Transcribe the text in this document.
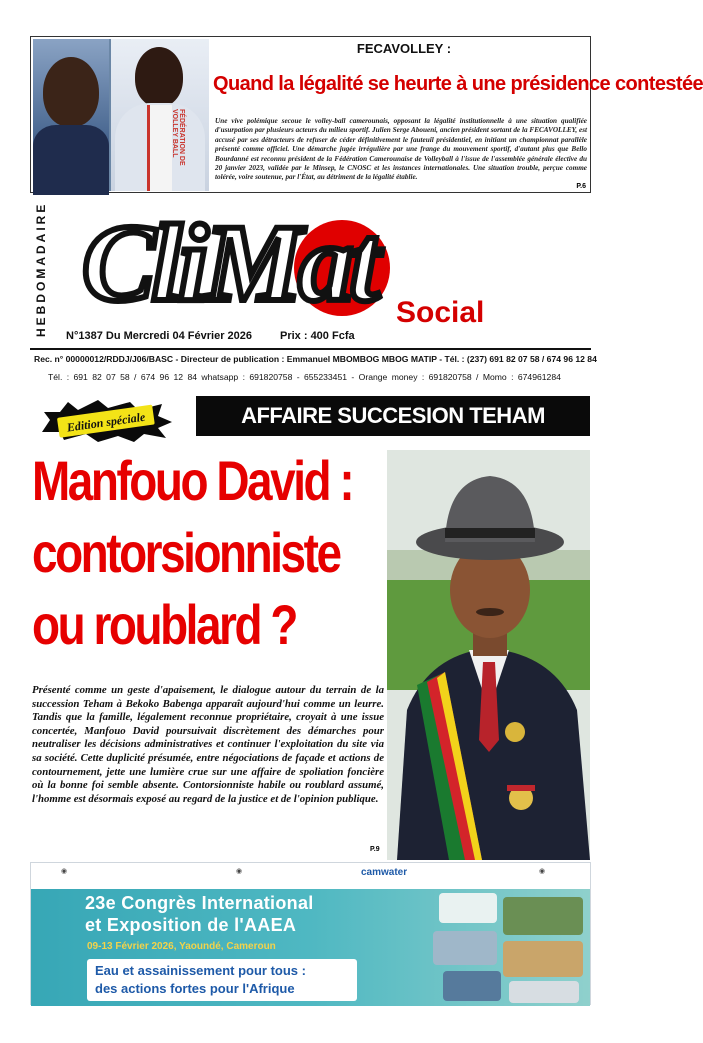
FÉDÉRATION DE VOLLEY BALL
FECAVOLLEY :
Quand la légalité se heurte à une présidence contestée
Une vive polémique secoue le volley-ball camerounais, opposant la légalité institutionnelle à une situation qualifiée d'usurpation par plusieurs acteurs du milieu sportif. Julien Serge Aboueni, ancien président sortant de la FECAVOLLEY, est accusé par ses détracteurs de refuser de céder définitivement le fauteuil présidentiel, en initiant un championnat parallèle présenté comme officiel. Une démarche jugée irrégulière par une frange du mouvement sportif, d'autant plus que Bello Bourdanné est reconnu président de la Fédération Camerounaise de Volleyball à l'issue de l'assemblée générale élective du 20 janvier 2023, validée par le Minsep, le CNOSC et les instances internationales. Une situation trouble, perçue comme tolérée, voire soutenue, par l'État, au détriment de la légalité établie.
P.6
HEBDOMADAIRE CliMat Social
N°1387 Du Mercredi 04 Février 2026	Prix : 400 Fcfa
Rec. n° 00000012/RDDJ/J06/BASC - Directeur de publication : Emmanuel MBOMBOG MBOG MATIP - Tél. : (237) 691 82 07 58 / 674 96 12 84
Tél. : 691 82 07 58 / 674 96 12 84 whatsapp : 691820758 - 655233451 - Orange money : 691820758 / Momo : 674961284
Edition spéciale	AFFAIRE SUCCESION TEHAM
Manfouo David :
contorsionniste
ou roublard ?
Présenté comme un geste d'apaisement, le dialogue autour du terrain de la succession Teham à Bekoko Babenga apparaît aujourd'hui comme un leurre. Tandis que la famille, légalement reconnue propriétaire, croyait à une issue concertée, Manfouo David poursuivait discrètement des démarches pour neutraliser les décisions administratives et continuer l'exploitation du site via sa société. Cette duplicité présumée, entre négociations de façade et actions de contournement, jette une lumière crue sur une affaire de spoliation foncière où la bonne foi semble absente. Contorsionniste habile ou roublard assumé, l'homme est désormais exposé au regard de la justice et de l'opinion publique.
P.9
◉	◉	camwater	◉
23e Congrès International
et Exposition de l'AAEA
09-13 Février 2026, Yaoundé, Cameroun
Eau et assainissement pour tous :
des actions fortes pour l'Afrique
